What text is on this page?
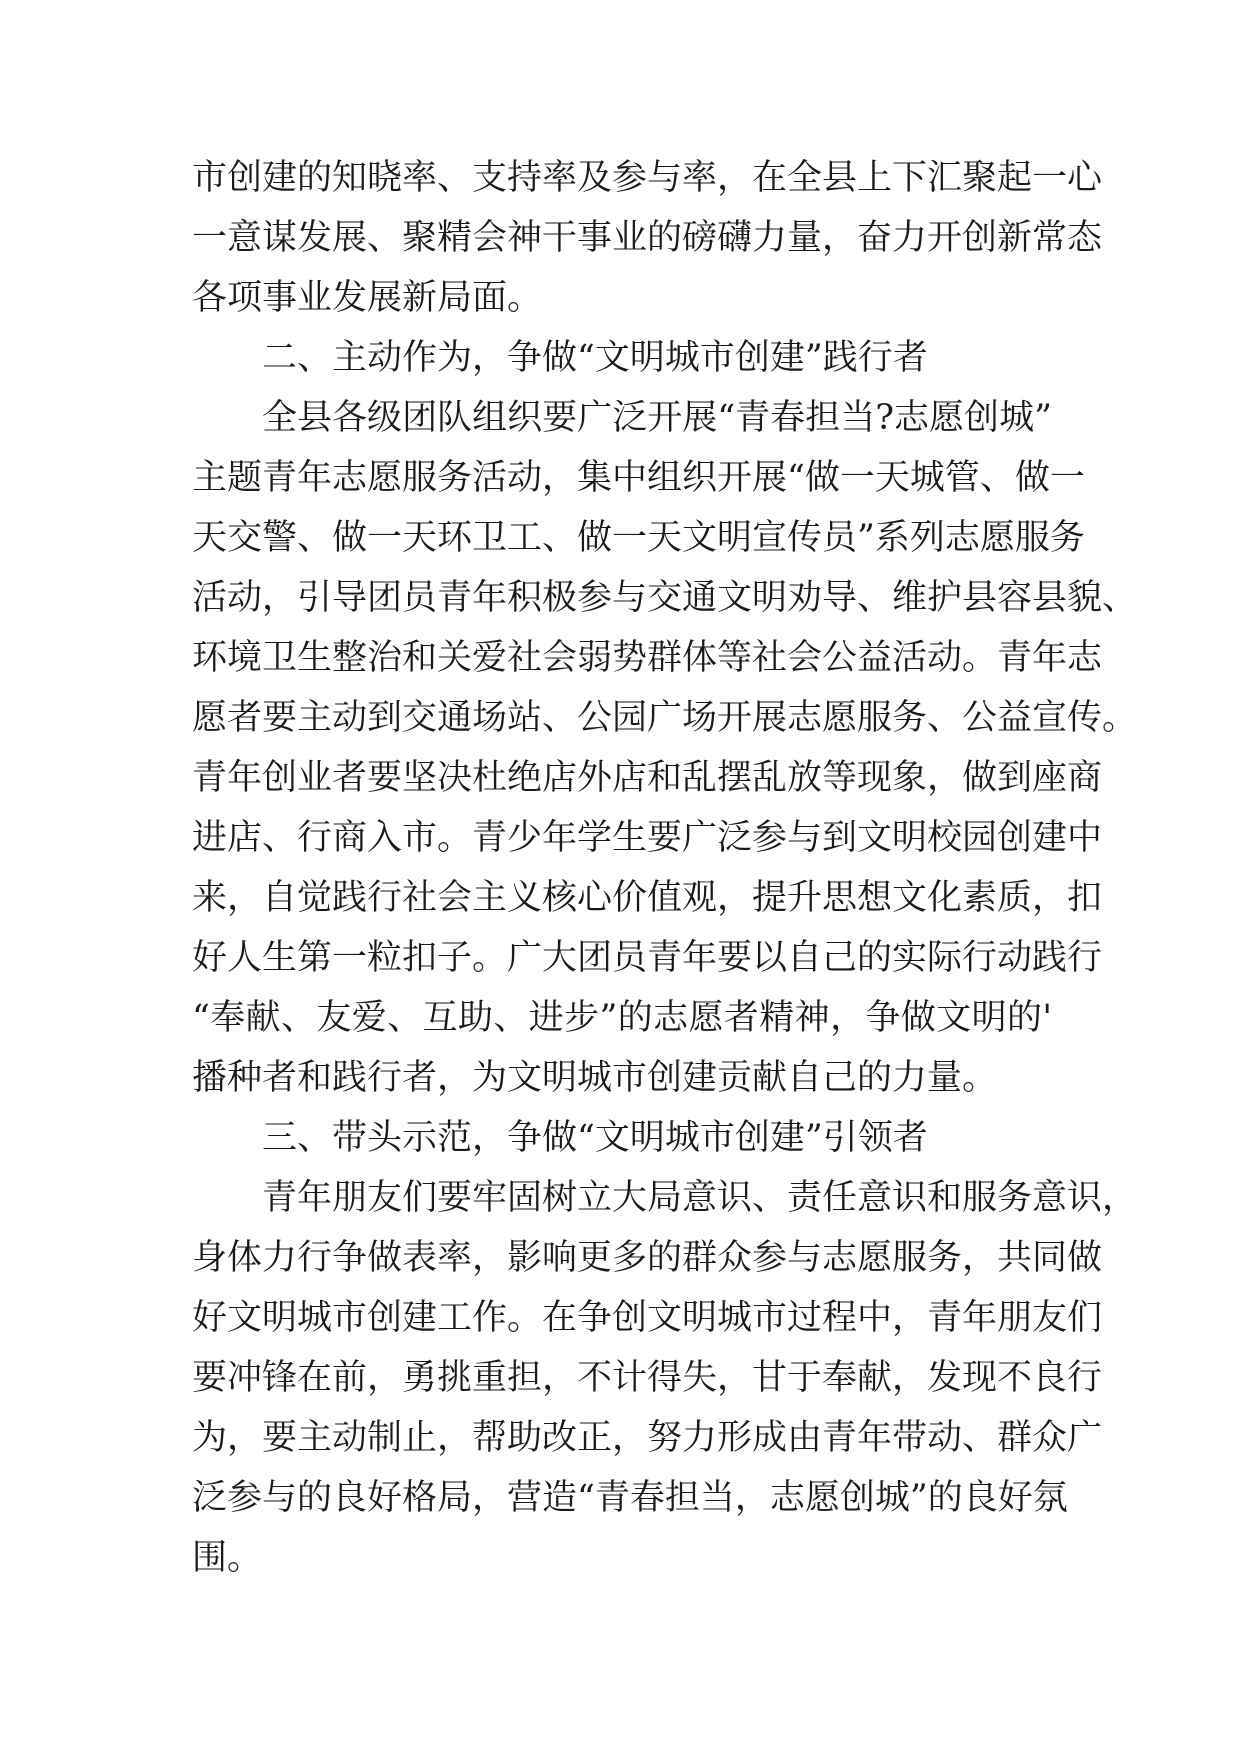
市创建的知晓率、支持率及参与率，在全县上下汇聚起一心
一意谋发展、聚精会神干事业的磅礴力量，奋力开创新常态
各项事业发展新局面。
二、主动作为，争做“文明城市创建”践行者
全县各级团队组织要广泛开展“青春担当?志愿创城”
主题青年志愿服务活动，集中组织开展“做一天城管、做一
天交警、做一天环卫工、做一天文明宣传员”系列志愿服务
活动，引导团员青年积极参与交通文明劝导、维护县容县貌、
环境卫生整治和关爱社会弱势群体等社会公益活动。青年志
愿者要主动到交通场站、公园广场开展志愿服务、公益宣传。
青年创业者要坚决杜绝店外店和乱摆乱放等现象，做到座商
进店、行商入市。青少年学生要广泛参与到文明校园创建中
来，自觉践行社会主义核心价值观，提升思想文化素质，扣
好人生第一粒扣子。广大团员青年要以自己的实际行动践行
“奉献、友爱、互助、进步”的志愿者精神，争做文明的'
播种者和践行者，为文明城市创建贡献自己的力量。
三、带头示范，争做“文明城市创建”引领者
青年朋友们要牢固树立大局意识、责任意识和服务意识，
身体力行争做表率，影响更多的群众参与志愿服务，共同做
好文明城市创建工作。在争创文明城市过程中，青年朋友们
要冲锋在前，勇挑重担，不计得失，甘于奉献，发现不良行
为，要主动制止，帮助改正，努力形成由青年带动、群众广
泛参与的良好格局，营造“青春担当，志愿创城”的良好氛
围。
